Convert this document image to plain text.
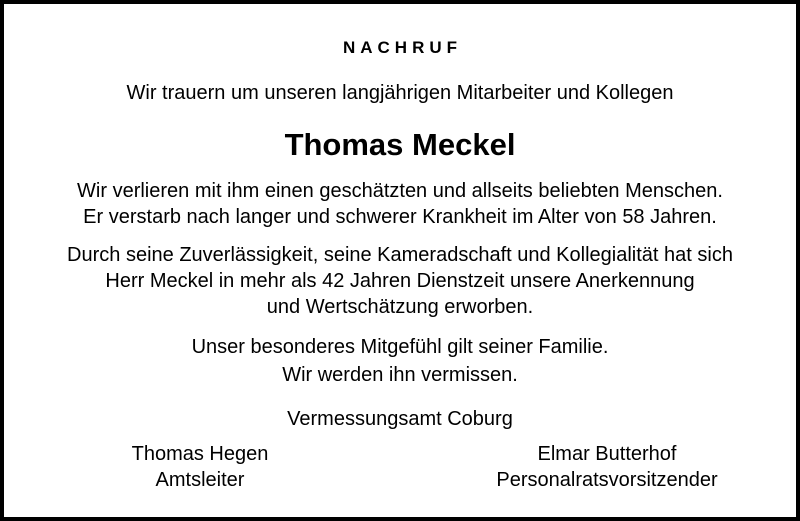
NACHRUF

Wir trauern um unseren langjährigen Mitarbeiter und Kollegen

Thomas Meckel

Wir verlieren mit ihm einen geschätzten und allseits beliebten Menschen.

Er verstarb nach langer und schwerer Krankheit im Alter von 58 Jahren.

Durch seine Zuverlässigkeit, seine Kameradschaft und Kollegialität hat sich

Herr Meckel in mehr als 42 Jahren Dienstzeit unsere Anerkennung

und Wertschätzung erworben.

Unser besonderes Mitgefühl gilt seiner Familie.

Wir werden ihn vermissen.

Vermessungsamt Coburg

Thomas Hegen
Amtsleiter
Elmar Butterhof
Personalratsvorsitzender
